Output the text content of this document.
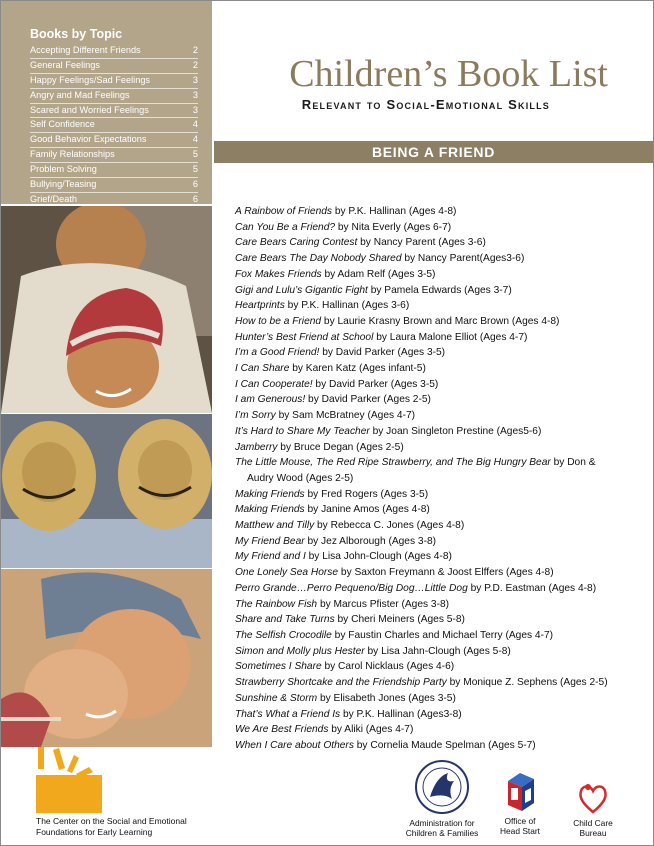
Books by Topic
Accepting Different Friends	2
General Feelings	2
Happy Feelings/Sad Feelings	3
Angry and Mad Feelings	3
Scared and Worried Feelings	3
Self Confidence	4
Good Behavior Expectations	4
Family Relationships	5
Problem Solving	5
Bullying/Teasing	6
Grief/Death	6
Children’s Book List
Relevant to Social-Emotional Skills
BEING A FRIEND
A Rainbow of Friends by P.K. Hallinan (Ages 4-8)
Can You Be a Friend? by Nita Everly (Ages 6-7)
Care Bears Caring Contest by Nancy Parent (Ages 3-6)
Care Bears The Day Nobody Shared by Nancy Parent(Ages3-6)
Fox Makes Friends by Adam Relf (Ages 3-5)
Gigi and Lulu’s Gigantic Fight by Pamela Edwards (Ages 3-7)
Heartprints by P.K. Hallinan (Ages 3-6)
How to be a Friend by Laurie Krasny Brown and Marc Brown (Ages 4-8)
Hunter’s Best Friend at School by Laura Malone Elliot (Ages 4-7)
I’m a Good Friend! by David Parker (Ages 3-5)
I Can Share by Karen Katz (Ages infant-5)
I Can Cooperate! by David Parker (Ages 3-5)
I am Generous! by David Parker (Ages 2-5)
I’m Sorry by Sam McBratney (Ages 4-7)
It’s Hard to Share My Teacher by Joan Singleton Prestine (Ages5-6)
Jamberry by Bruce Degan (Ages 2-5)
The Little Mouse, The Red Ripe Strawberry, and The Big Hungry Bear by Don & Audry Wood (Ages 2-5)
Making Friends by Fred Rogers (Ages 3-5)
Making Friends by Janine Amos (Ages 4-8)
Matthew and Tilly by Rebecca C. Jones (Ages 4-8)
My Friend Bear by Jez Alborough (Ages 3-8)
My Friend and I by Lisa John-Clough (Ages 4-8)
One Lonely Sea Horse by Saxton Freymann & Joost Elffers (Ages 4-8)
Perro Grande…Perro Pequeno/Big Dog…Little Dog by P.D. Eastman (Ages 4-8)
The Rainbow Fish by Marcus Pfister (Ages 3-8)
Share and Take Turns by Cheri Meiners (Ages 5-8)
The Selfish Crocodile by Faustin Charles and Michael Terry (Ages 4-7)
Simon and Molly plus Hester by Lisa Jahn-Clough (Ages 5-8)
Sometimes I Share by Carol Nicklaus (Ages 4-6)
Strawberry Shortcake and the Friendship Party by Monique Z. Sephens (Ages 2-5)
Sunshine & Storm by Elisabeth Jones (Ages 3-5)
That’s What a Friend Is by P.K. Hallinan (Ages3-8)
We Are Best Friends by Aliki (Ages 4-7)
When I Care about Others by Cornelia Maude Spelman (Ages 5-7)
The Center on the Social and Emotional
Foundations for Early Learning
Administration for
Children & Families
Office of
Head Start
Child Care
Bureau
